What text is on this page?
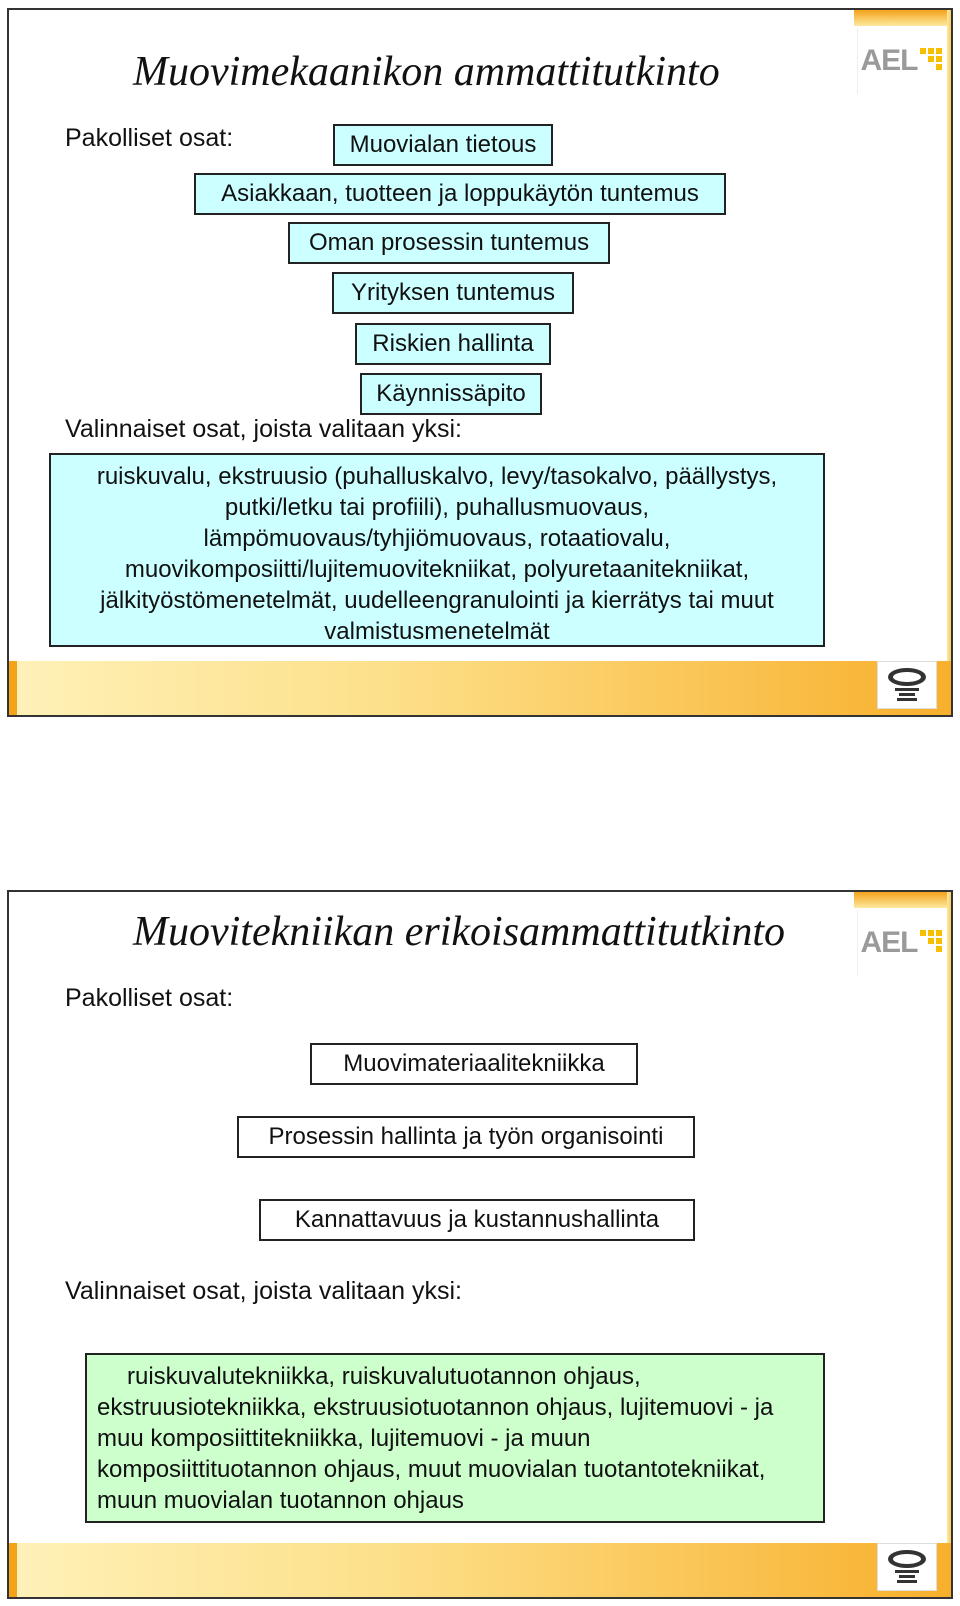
AEL
Muovimekaanikon ammattitutkinto
Pakolliset osat:	Muovialan tietous
Asiakkaan, tuotteen ja loppukäytön tuntemus
Oman prosessin tuntemus
Yrityksen tuntemus
Riskien hallinta
Käynnissäpito
Valinnaiset osat, joista valitaan yksi:
ruiskuvalu, ekstruusio (puhalluskalvo, levy/tasokalvo, päällystys,
putki/letku tai profiili), puhallusmuovaus,
lämpömuovaus/tyhjiömuovaus, rotaatiovalu,
muovikomposiitti/lujitemuovitekniikat, polyuretaanitekniikat,
jälkityöstömenetelmät, uudelleengranulointi ja kierrätys tai muut
valmistusmenetelmät
AEL
Muovitekniikan erikoisammattitutkinto
Pakolliset osat:
Muovimateriaalitekniikka
Prosessin hallinta ja työn organisointi
Kannattavuus ja kustannushallinta
Valinnaiset osat, joista valitaan yksi:
ruiskuvalutekniikka, ruiskuvalutuotannon ohjaus,
ekstruusiotekniikka, ekstruusiotuotannon ohjaus, lujitemuovi - ja
muu komposiittitekniikka, lujitemuovi - ja muun
komposiittituotannon ohjaus, muut muovialan tuotantotekniikat,
muun muovialan tuotannon ohjaus
